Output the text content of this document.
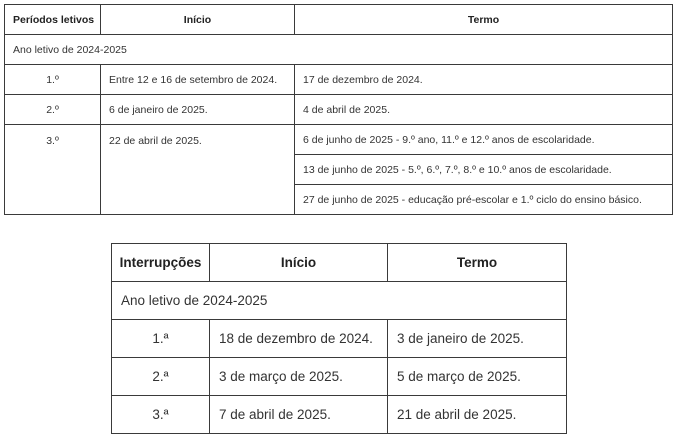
Períodos letivos	Início	Termo
Ano letivo de 2024-2025		
1.º	Entre 12 e 16 de setembro de 2024.	17 de dezembro de 2024.
2.º	6 de janeiro de 2025.	4 de abril de 2025.
3.º	22 de abril de 2025.	6 de junho de 2025 - 9.º ano, 11.º e 12.º anos de escolaridade.
		13 de junho de 2025 - 5.º, 6.º, 7.º, 8.º e 10.º anos de escolaridade.
		27 de junho de 2025 - educação pré-escolar e 1.º ciclo do ensino básico.
Interrupções	Início	Termo
Ano letivo de 2024-2025		
1.ª	18 de dezembro de 2024.	3 de janeiro de 2025.
2.ª	3 de março de 2025.	5 de março de 2025.
3.ª	7 de abril de 2025.	21 de abril de 2025.
